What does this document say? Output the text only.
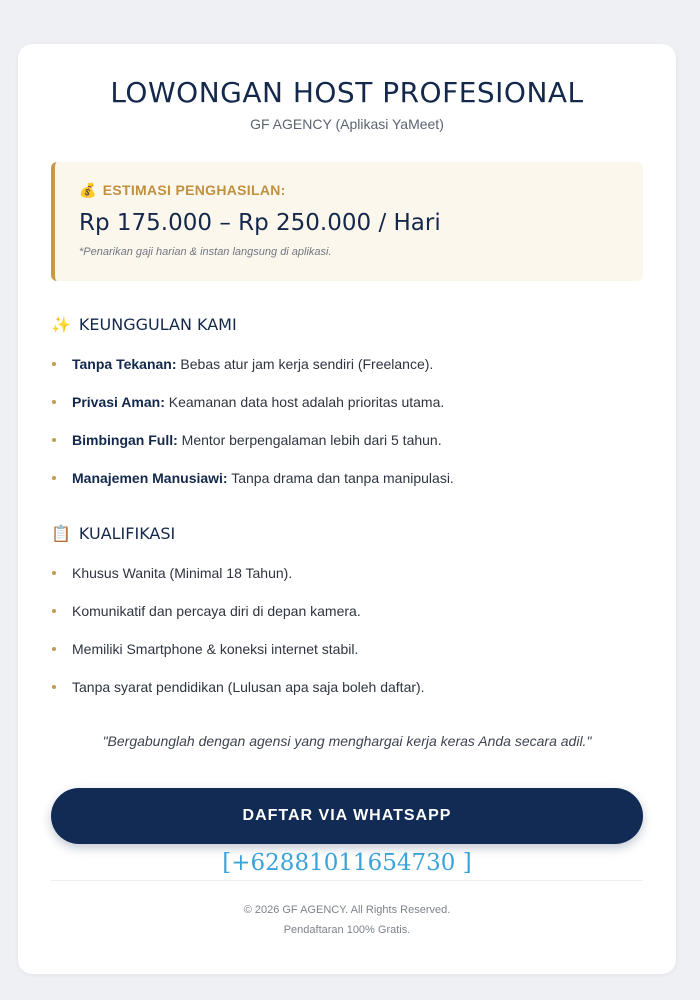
LOWONGAN HOST PROFESIONAL
GF AGENCY (Aplikasi YaMeet)
💰 ESTIMASI PENGHASILAN:
Rp 175.000 – Rp 250.000 / Hari
*Penarikan gaji harian & instan langsung di aplikasi.
✨ KEUNGGULAN KAMI
Tanpa Tekanan: Bebas atur jam kerja sendiri (Freelance).
Privasi Aman: Keamanan data host adalah prioritas utama.
Bimbingan Full: Mentor berpengalaman lebih dari 5 tahun.
Manajemen Manusiawi: Tanpa drama dan tanpa manipulasi.
📋 KUALIFIKASI
Khusus Wanita (Minimal 18 Tahun).
Komunikatif dan percaya diri di depan kamera.
Memiliki Smartphone & koneksi internet stabil.
Tanpa syarat pendidikan (Lulusan apa saja boleh daftar).
"Bergabunglah dengan agensi yang menghargai kerja keras Anda secara adil."
DAFTAR VIA WHATSAPP
[+62881011654730 ]
© 2026 GF AGENCY. All Rights Reserved.
Pendaftaran 100% Gratis.
